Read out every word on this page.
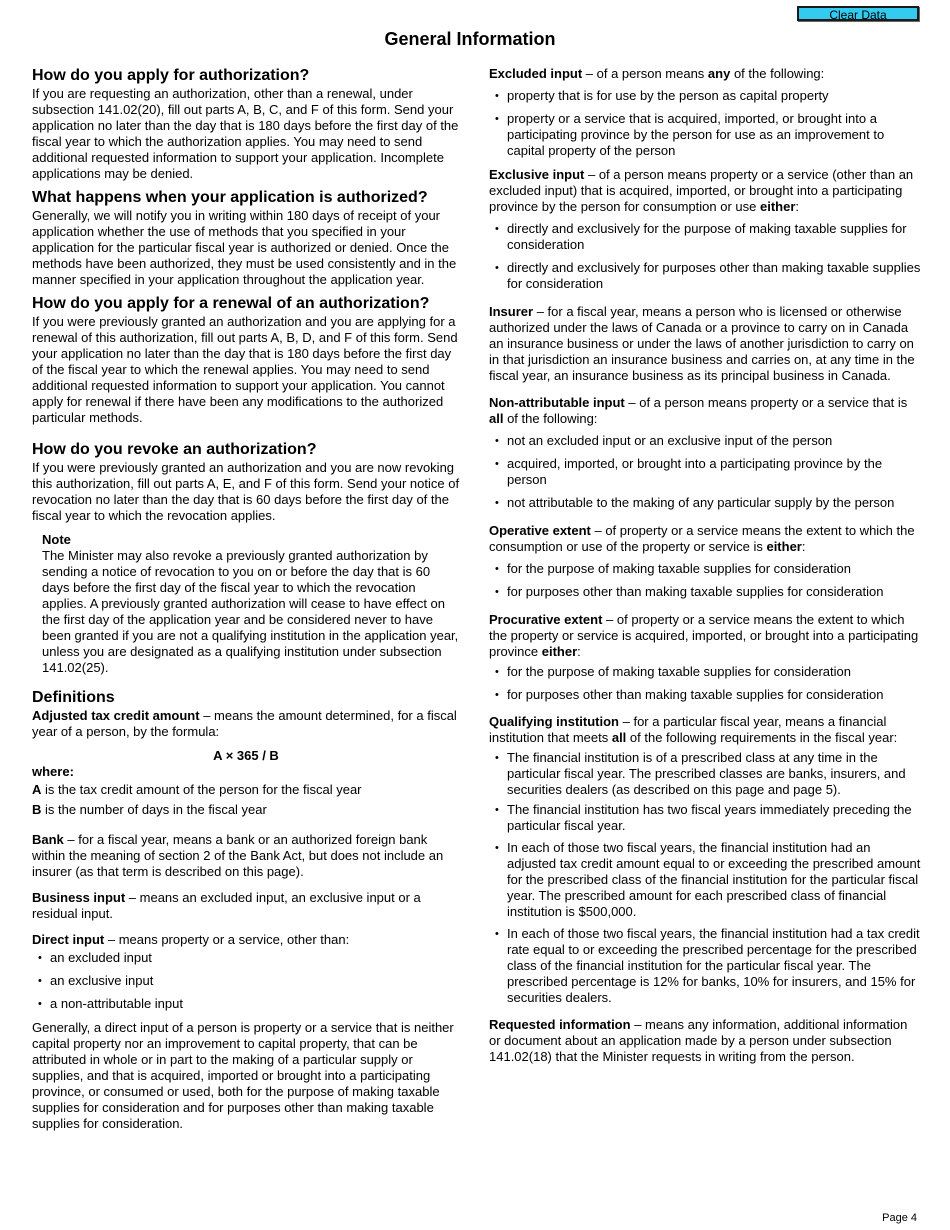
Clear Data
General Information
How do you apply for authorization?

If you are requesting an authorization, other than a renewal, under subsection 141.02(20), fill out parts A, B, C, and F of this form. Send your application no later than the day that is 180 days before the first day of the fiscal year to which the authorization applies. You may need to send additional requested information to support your application. Incomplete applications may be denied.

What happens when your application is authorized?

Generally, we will notify you in writing within 180 days of receipt of your application whether the use of methods that you specified in your application for the particular fiscal year is authorized or denied. Once the methods have been authorized, they must be used consistently and in the manner specified in your application throughout the application year.

How do you apply for a renewal of an authorization?

If you were previously granted an authorization and you are applying for a renewal of this authorization, fill out parts A, B, D, and F of this form. Send your application no later than the day that is 180 days before the first day of the fiscal year to which the renewal applies. You may need to send additional requested information to support your application. You cannot apply for renewal if there have been any modifications to the authorized particular methods.

How do you revoke an authorization?

If you were previously granted an authorization and you are now revoking this authorization, fill out parts A, E, and F of this form. Send your notice of revocation no later than the day that is 60 days before the first day of the fiscal year to which the revocation applies.

Note

The Minister may also revoke a previously granted authorization by sending a notice of revocation to you on or before the day that is 60 days before the first day of the fiscal year to which the revocation applies. A previously granted authorization will cease to have effect on the first day of the application year and be considered never to have been granted if you are not a qualifying institution in the application year, unless you are designated as a qualifying institution under subsection 141.02(25).

Definitions

Adjusted tax credit amount – means the amount determined, for a fiscal year of a person, by the formula:

A × 365 / B

where:

A is the tax credit amount of the person for the fiscal year

B is the number of days in the fiscal year

Bank – for a fiscal year, means a bank or an authorized foreign bank within the meaning of section 2 of the Bank Act, but does not include an insurer (as that term is described on this page).

Business input – means an excluded input, an exclusive input or a residual input.

Direct input – means property or a service, other than:

• an excluded input
• an exclusive input
• a non-attributable input

Generally, a direct input of a person is property or a service that is neither capital property nor an improvement to capital property, that can be attributed in whole or in part to the making of a particular supply or supplies, and that is acquired, imported or brought into a participating province, or consumed or used, both for the purpose of making taxable supplies for consideration and for purposes other than making taxable supplies for consideration.

Excluded input – of a person means any of the following:

• property that is for use by the person as capital property
• property or a service that is acquired, imported, or brought into a participating province by the person for use as an improvement to capital property of the person

Exclusive input – of a person means property or a service (other than an excluded input) that is acquired, imported, or brought into a participating province by the person for consumption or use either:

• directly and exclusively for the purpose of making taxable supplies for consideration
• directly and exclusively for purposes other than making taxable supplies for consideration

Insurer – for a fiscal year, means a person who is licensed or otherwise authorized under the laws of Canada or a province to carry on in Canada an insurance business or under the laws of another jurisdiction to carry on in that jurisdiction an insurance business and carries on, at any time in the fiscal year, an insurance business as its principal business in Canada.

Non-attributable input – of a person means property or a service that is all of the following:

• not an excluded input or an exclusive input of the person
• acquired, imported, or brought into a participating province by the person
• not attributable to the making of any particular supply by the person

Operative extent – of property or a service means the extent to which the consumption or use of the property or service is either:

• for the purpose of making taxable supplies for consideration
• for purposes other than making taxable supplies for consideration

Procurative extent – of property or a service means the extent to which the property or service is acquired, imported, or brought into a participating province either:

• for the purpose of making taxable supplies for consideration
• for purposes other than making taxable supplies for consideration

Qualifying institution – for a particular fiscal year, means a financial institution that meets all of the following requirements in the fiscal year:

• The financial institution is of a prescribed class at any time in the particular fiscal year. The prescribed classes are banks, insurers, and securities dealers (as described on this page and page 5).
• The financial institution has two fiscal years immediately preceding the particular fiscal year.
• In each of those two fiscal years, the financial institution had an adjusted tax credit amount equal to or exceeding the prescribed amount for the prescribed class of the financial institution for the particular fiscal year. The prescribed amount for each prescribed class of financial institution is $500,000.
• In each of those two fiscal years, the financial institution had a tax credit rate equal to or exceeding the prescribed percentage for the prescribed class of the financial institution for the particular fiscal year. The prescribed percentage is 12% for banks, 10% for insurers, and 15% for securities dealers.

Requested information – means any information, additional information or document about an application made by a person under subsection 141.02(18) that the Minister requests in writing from the person.

Page 4
